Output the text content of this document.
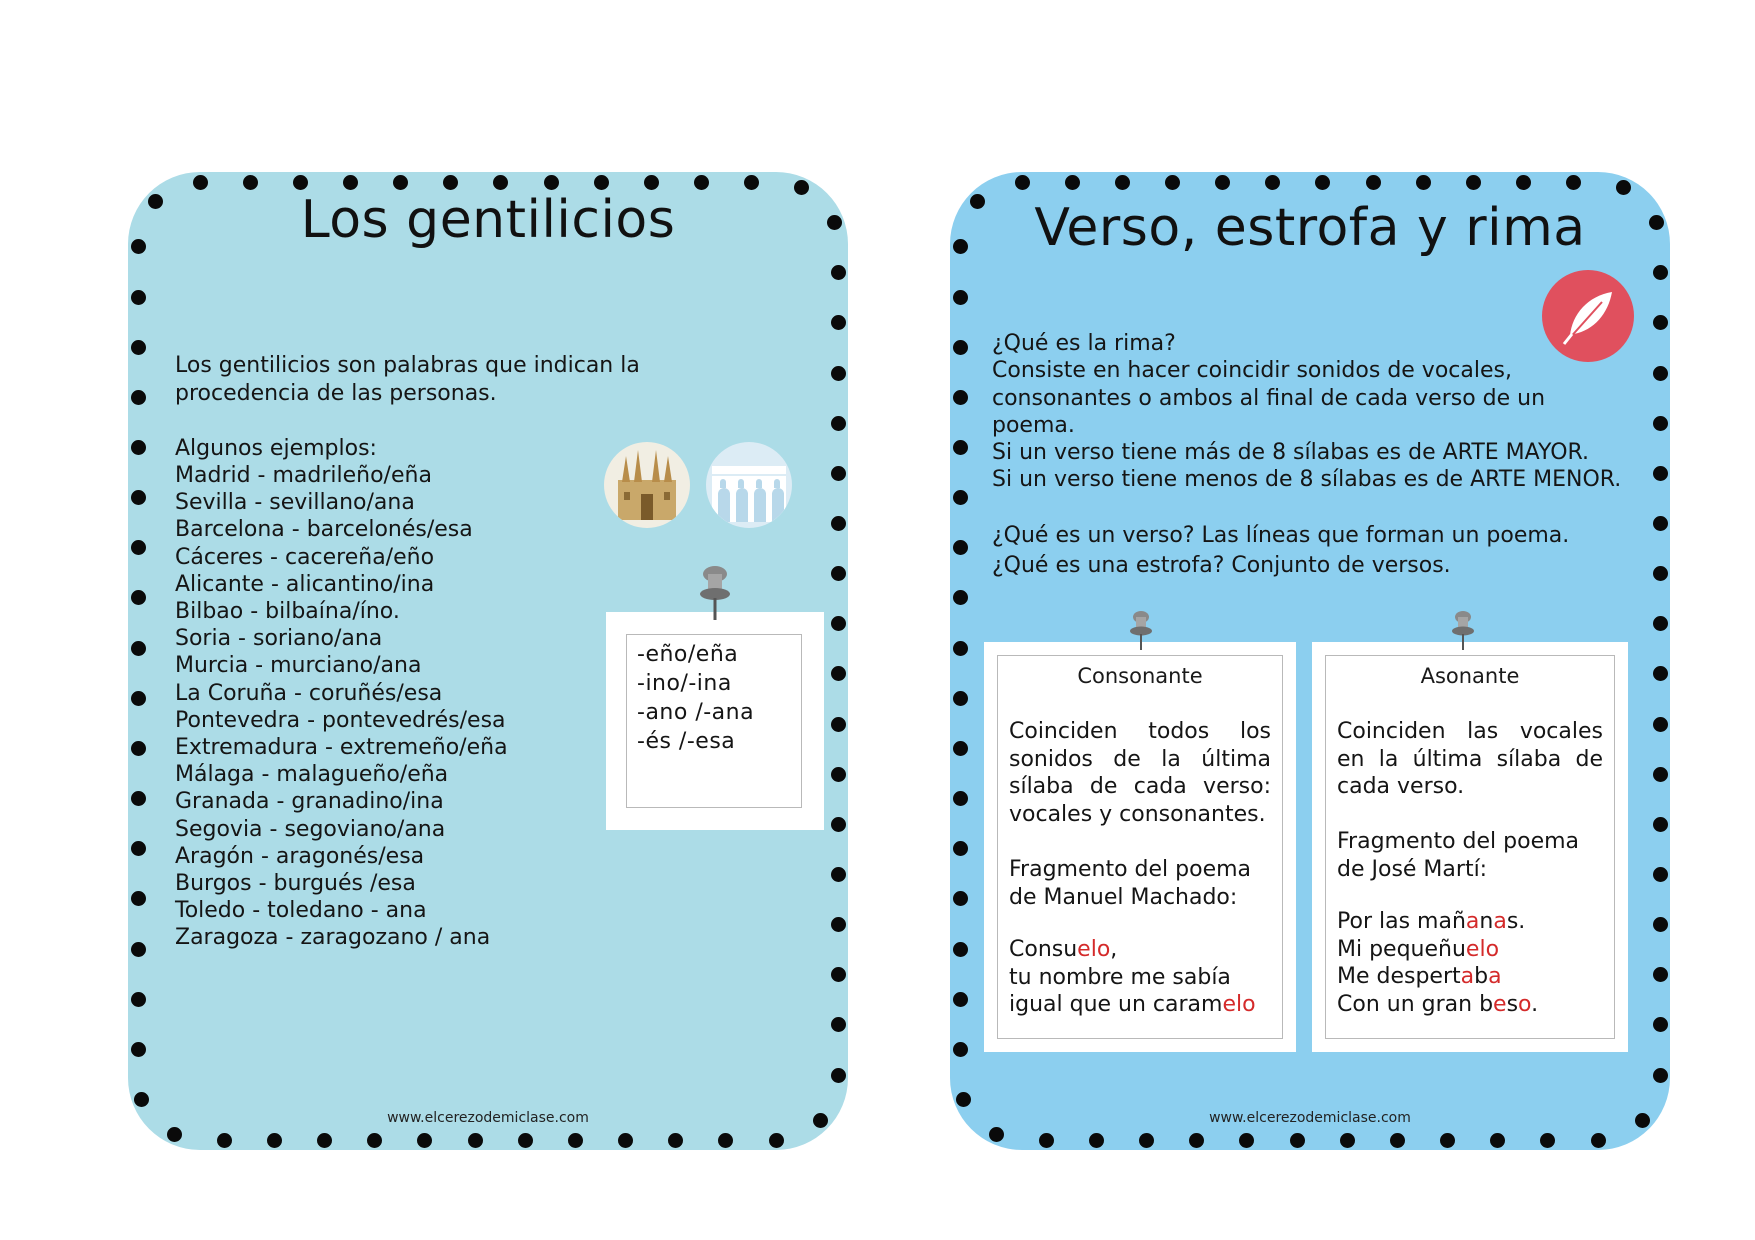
Los gentilicios
Los gentilicios son palabras que indican la procedencia de las personas.
Algunos ejemplos:
Madrid - madrileño/eña
Sevilla - sevillano/ana
Barcelona - barcelonés/esa
Cáceres - cacereña/eño
Alicante - alicantino/ina
Bilbao - bilbaína/íno.
Soria - soriano/ana
Murcia - murciano/ana
La Coruña - coruñés/esa
Pontevedra - pontevedrés/esa
Extremadura - extremeño/eña
Málaga - malagueño/eña
Granada - granadino/ina
Segovia - segoviano/ana
Aragón - aragonés/esa
Burgos - burgués /esa
Toledo - toledano - ana
Zaragoza - zaragozano / ana
-eño/eña
-ino/-ina
-ano /-ana
-és /-esa
www.elcerezodemiclase.com
Verso, estrofa y rima
¿Qué es la rima?
Consiste en hacer coincidir sonidos de vocales, consonantes o ambos al final de cada verso de un poema.
Si un verso tiene más de 8 sílabas es de ARTE MAYOR.
Si un verso tiene menos de 8 sílabas es de ARTE MENOR.
¿Qué es un verso? Las líneas que forman un poema.
¿Qué es una estrofa? Conjunto de versos.
Consonante
Coinciden todos los sonidos de la última sílaba de cada verso: vocales y consonantes.
Fragmento del poema de Manuel Machado:
Consuelo,
tu nombre me sabía
igual que un caramelo
Asonante
Coinciden las vocales en la última sílaba de cada verso.
Fragmento del poema de José Martí:
Por las mañanas.
Mi pequeñuelo
Me despertaba
Con un gran beso.
www.elcerezodemiclase.com
